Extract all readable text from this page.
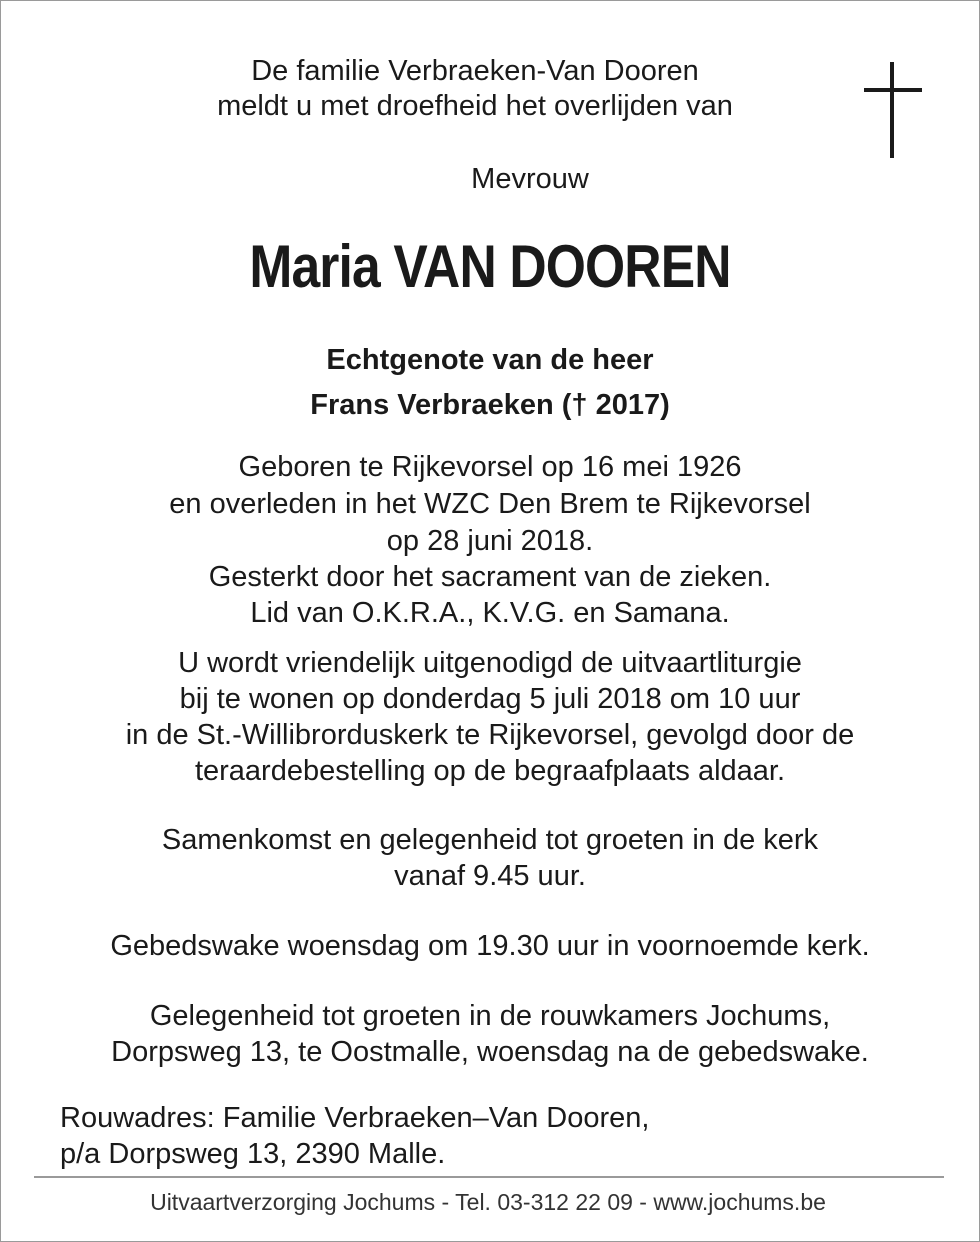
De familie Verbraeken-Van Dooren
meldt u met droefheid het overlijden van
Mevrouw
Maria VAN DOOREN
Echtgenote van de heer
Frans Verbraeken († 2017)
Geboren te Rijkevorsel op 16 mei 1926
en overleden in het WZC Den Brem te Rijkevorsel
op 28 juni 2018.
Gesterkt door het sacrament van de zieken.
Lid van O.K.R.A., K.V.G. en Samana.
U wordt vriendelijk uitgenodigd de uitvaartliturgie
bij te wonen op donderdag 5 juli 2018 om 10 uur
in de St.-Willibrorduskerk te Rijkevorsel, gevolgd door de
teraardebestelling op de begraafplaats aldaar.
Samenkomst en gelegenheid tot groeten in de kerk
vanaf 9.45 uur.
Gebedswake woensdag om 19.30 uur in voornoemde kerk.
Gelegenheid tot groeten in de rouwkamers Jochums,
Dorpsweg 13, te Oostmalle, woensdag na de gebedswake.
Rouwadres: Familie Verbraeken–Van Dooren,
p/a Dorpsweg 13, 2390 Malle.
Uitvaartverzorging Jochums - Tel. 03-312 22 09 - www.jochums.be
